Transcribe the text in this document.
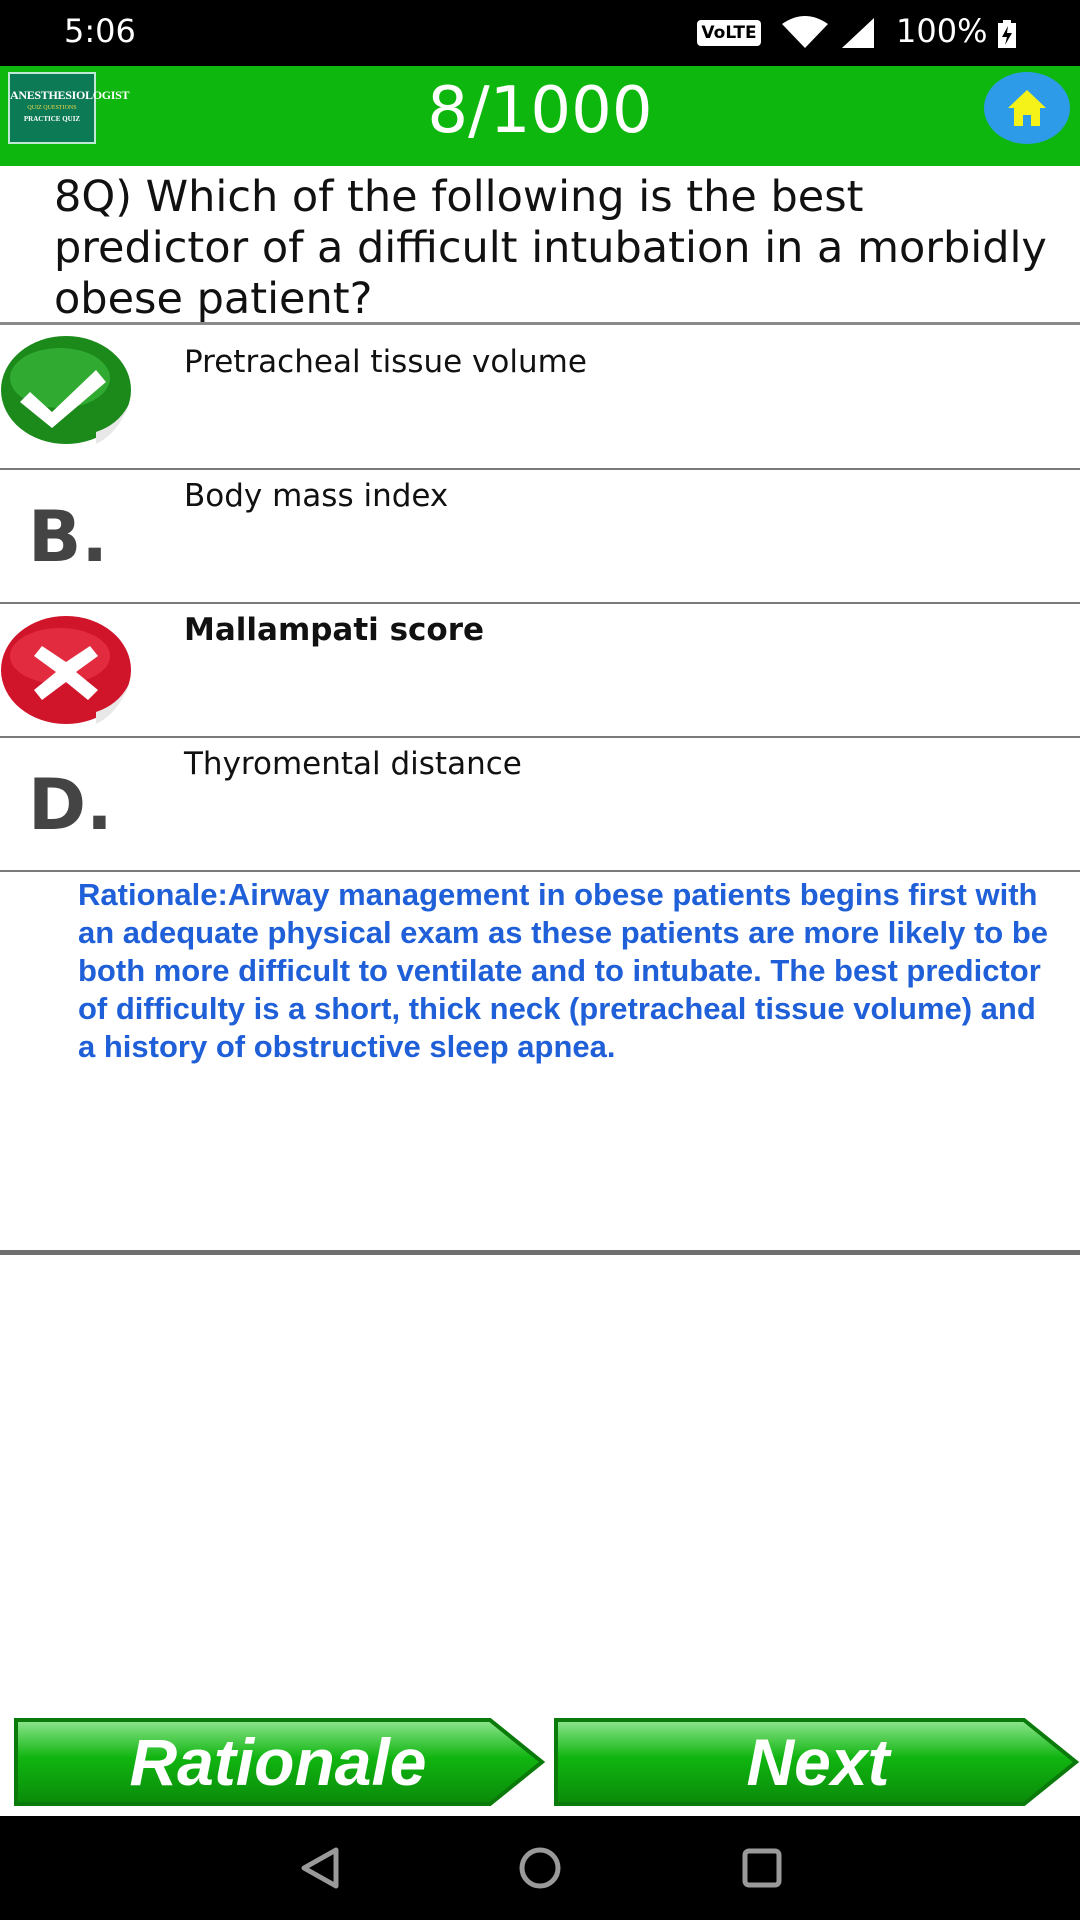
5:06	VoLTE	100%
ANESTHESIOLOGIST
QUIZ QUESTIONS
PRACTICE QUIZ	8/1000
8Q) Which of the following is the best predictor of a difficult intubation in a morbidly obese patient?
Pretracheal tissue volume
B. Body mass index
Mallampati score
D. Thyromental distance
Rationale:Airway management in obese patients begins first with an adequate physical exam as these patients are more likely to be both more difficult to ventilate and to intubate. The best predictor of difficulty is a short, thick neck (pretracheal tissue volume) and a history of obstructive sleep apnea.
Rationale	Next
